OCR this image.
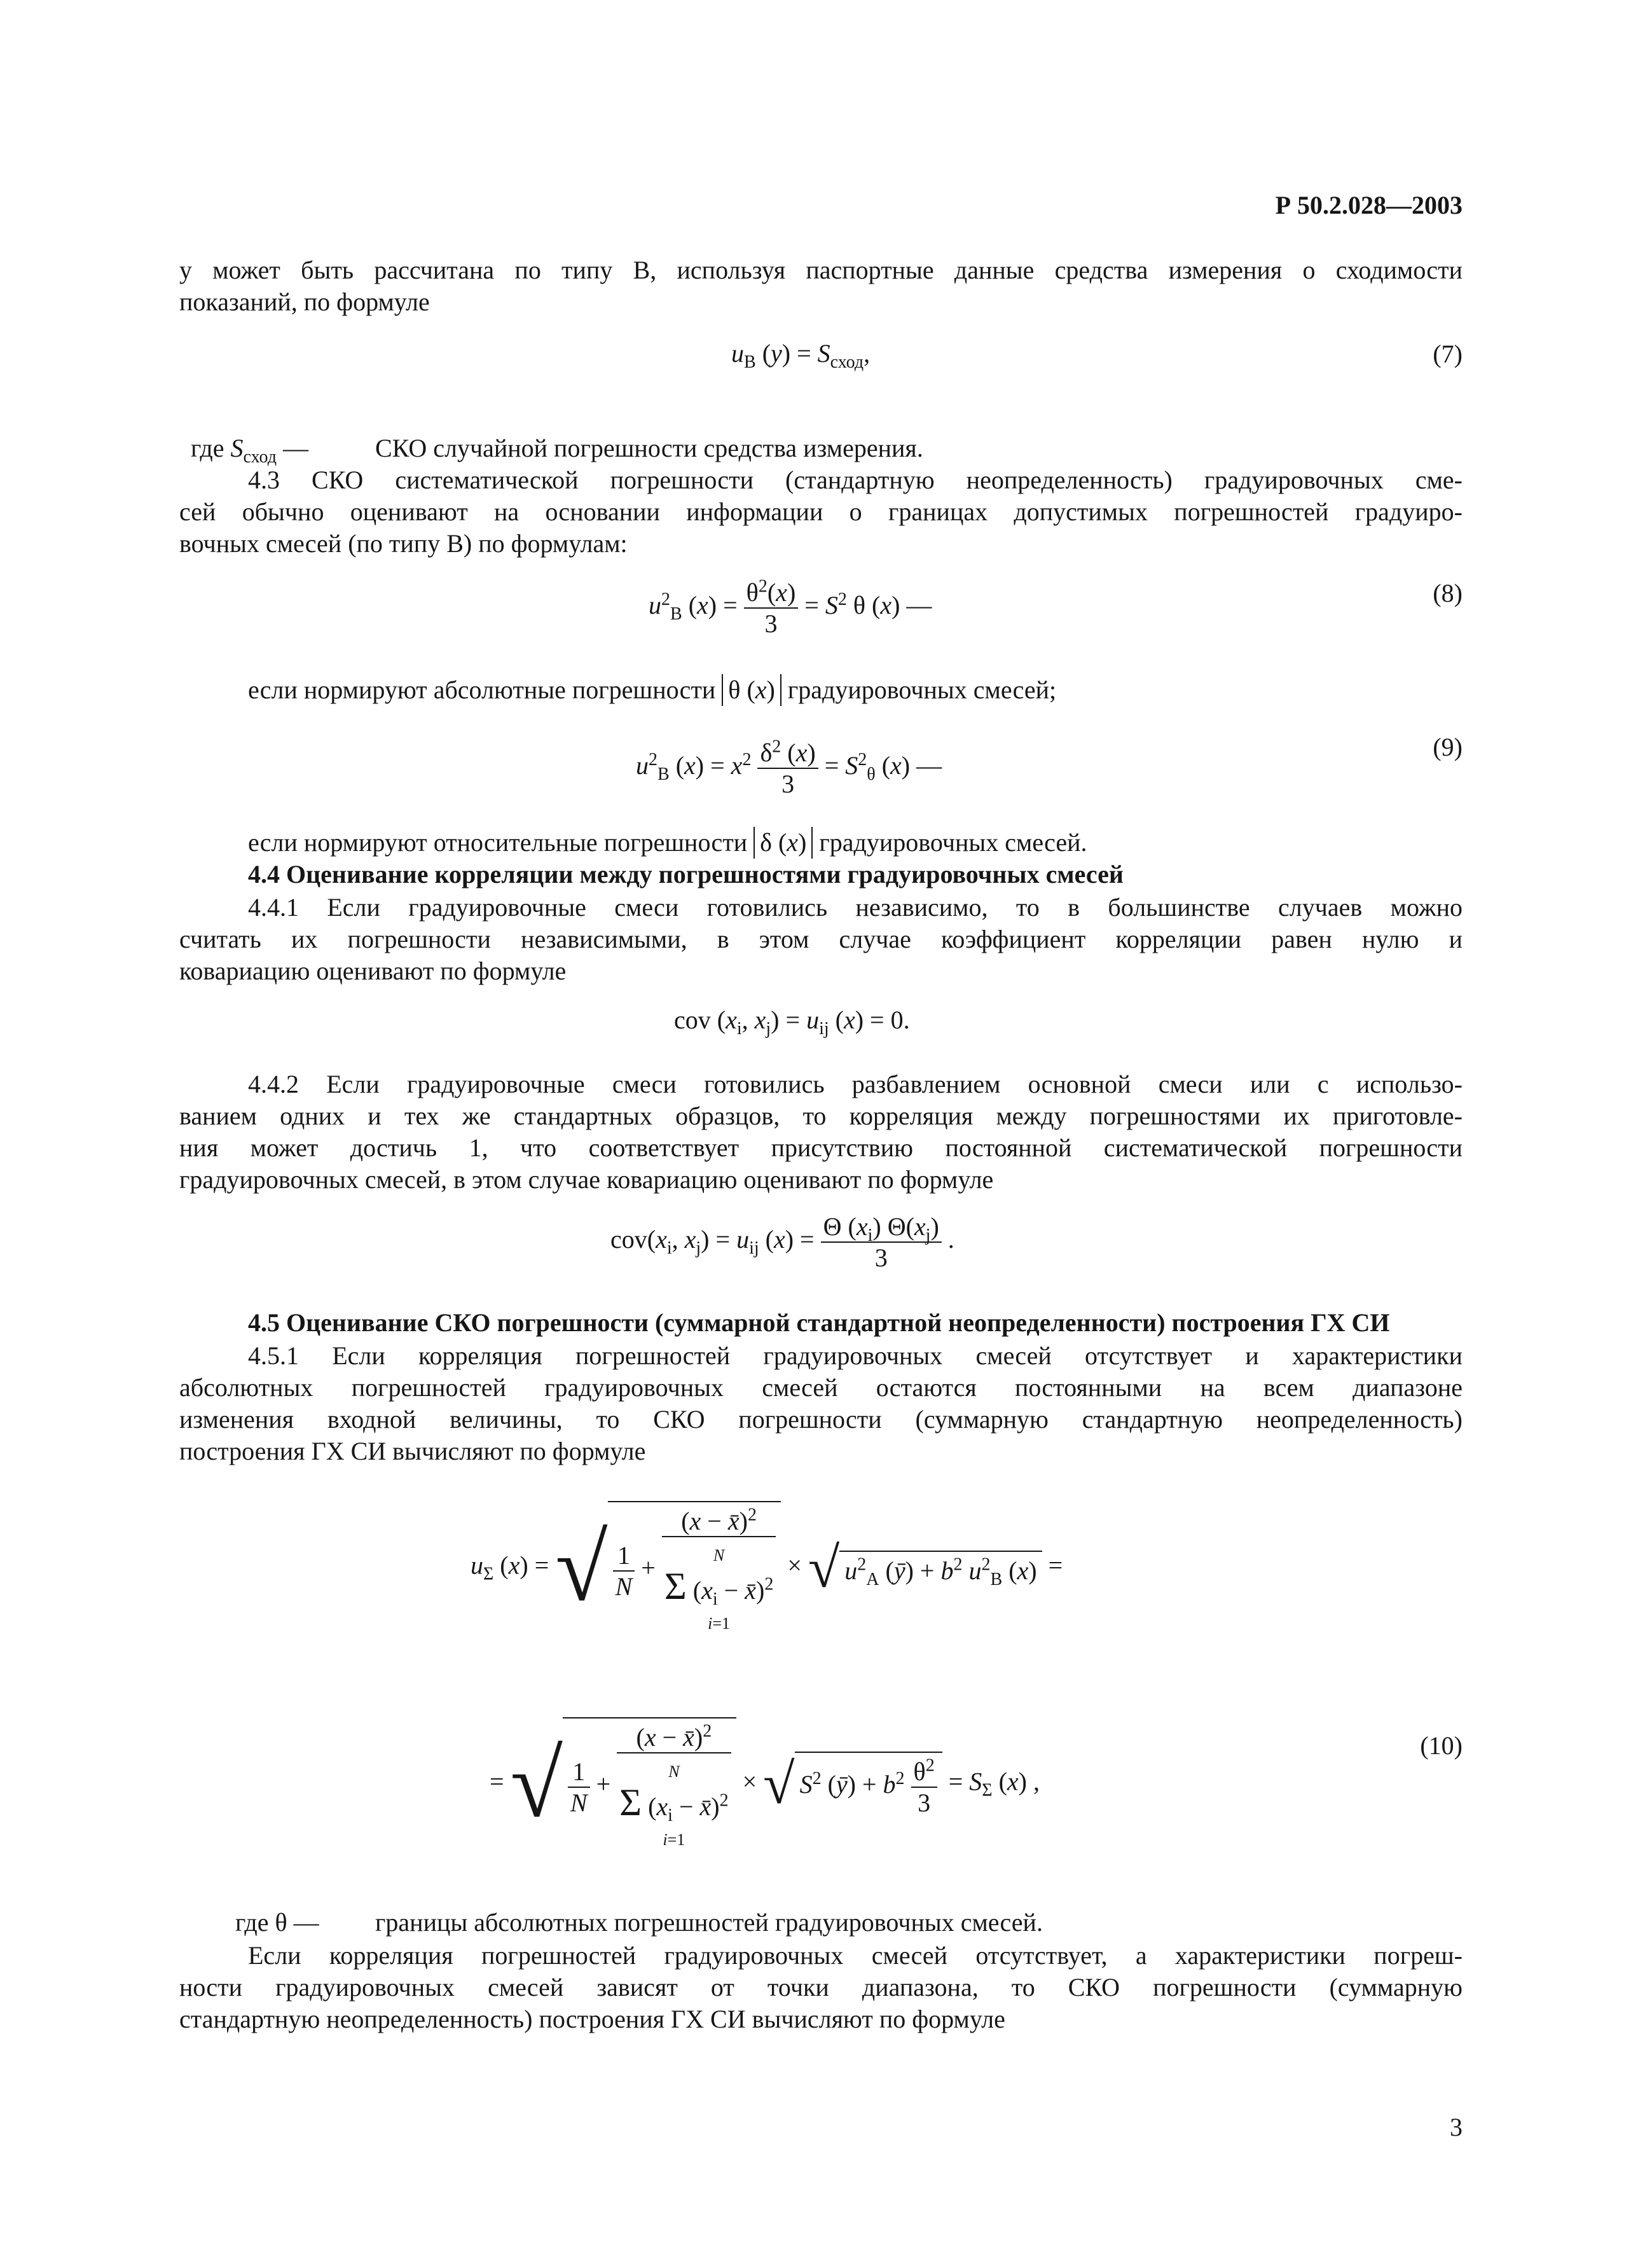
Р 50.2.028—2003
у может быть рассчитана по типу В, используя паспортные данные средства измерения о сходимости
показаний, по формуле
$u_В$ $(y) = S_{сход}$,	(7)
где $S_{сход}$ —	СКО случайной погрешности средства измерения.
4.3 СКО систематической погрешности (стандартную неопределенность) градуировочных сме-
сей обычно оценивают на основании информации о границах допустимых погрешностей градуиро-
вочных смесей (по типу В) по формулам:
$u^2_В$ $(x) = \frac{\theta^2(x)}{3} = S^2$ θ (x) —	(8)
если нормируют абсолютные погрешности θ (x) градуировочных смесей;
$u^2_В$ $(x) = x^2 \frac{\delta^2 (x)}{3} = S^2_\theta$ (x) —
(9)
если нормируют относительные погрешности δ (x) градуировочных смесей.
4.4 Оценивание корреляции между погрешностями градуировочных смесей
4.4.1 Если градуировочные смеси готовились независимо, то в большинстве случаев можно
считать их погрешности независимыми, в этом случае коэффициент корреляции равен нулю и
ковариацию оценивают по формуле
cov ($x_i$, $x_j) = u_{ij}$ (x) = 0.
4.4.2 Если градуировочные смеси готовились разбавлением основной смеси или с использо-
ванием одних и тех же стандартных образцов, то корреляция между погрешностями их приготовле-
ния может достичь 1, что соответствует присутствию постоянной систематической погрешности
градуировочных смесей, в этом случае ковариацию оценивают по формуле
$cov(x_i$, $x_j) = u_{ij}$ $(x) = \frac{\Theta (x_i) \Theta(x_j)}{3}$ .
4.5 Оценивание СКО погрешности (суммарной стандартной неопределенности) построения ГХ СИ
4.5.1 Если корреляция погрешностей градуировочных смесей отсутствует и характеристики
абсолютных погрешностей градуировочных смесей остаются постоянными на всем диапазоне
изменения входной величины, то СКО погрешности (суммарную стандартную неопределенность)
построения ГХ СИ вычисляют по формуле
$u_\Sigma$ (x) = √ $\frac{1}{N}$ +
(x − x̄)$^2$
N
Σ ($x_i$ − x̄)$^2$
i=1
× √ $u^2_A$ (ȳ) + $b^2$ $u^2_В$ (x) =
= √ $\frac{1}{N}$ +
(x − x̄)$^2$
N
Σ ($x_i$ − x̄)$^2$
i=1
× √ $S^2$ (ȳ) + $b^2 \frac{\theta^2}{3} = S_\Sigma$ (x) ,
(10)
где θ — границы абсолютных погрешностей градуировочных смесей.
Если корреляция погрешностей градуировочных смесей отсутствует, а характеристики погреш-
ности градуировочных смесей зависят от точки диапазона, то СКО погрешности (суммарную
стандартную неопределенность) построения ГХ СИ вычисляют по формуле
3
